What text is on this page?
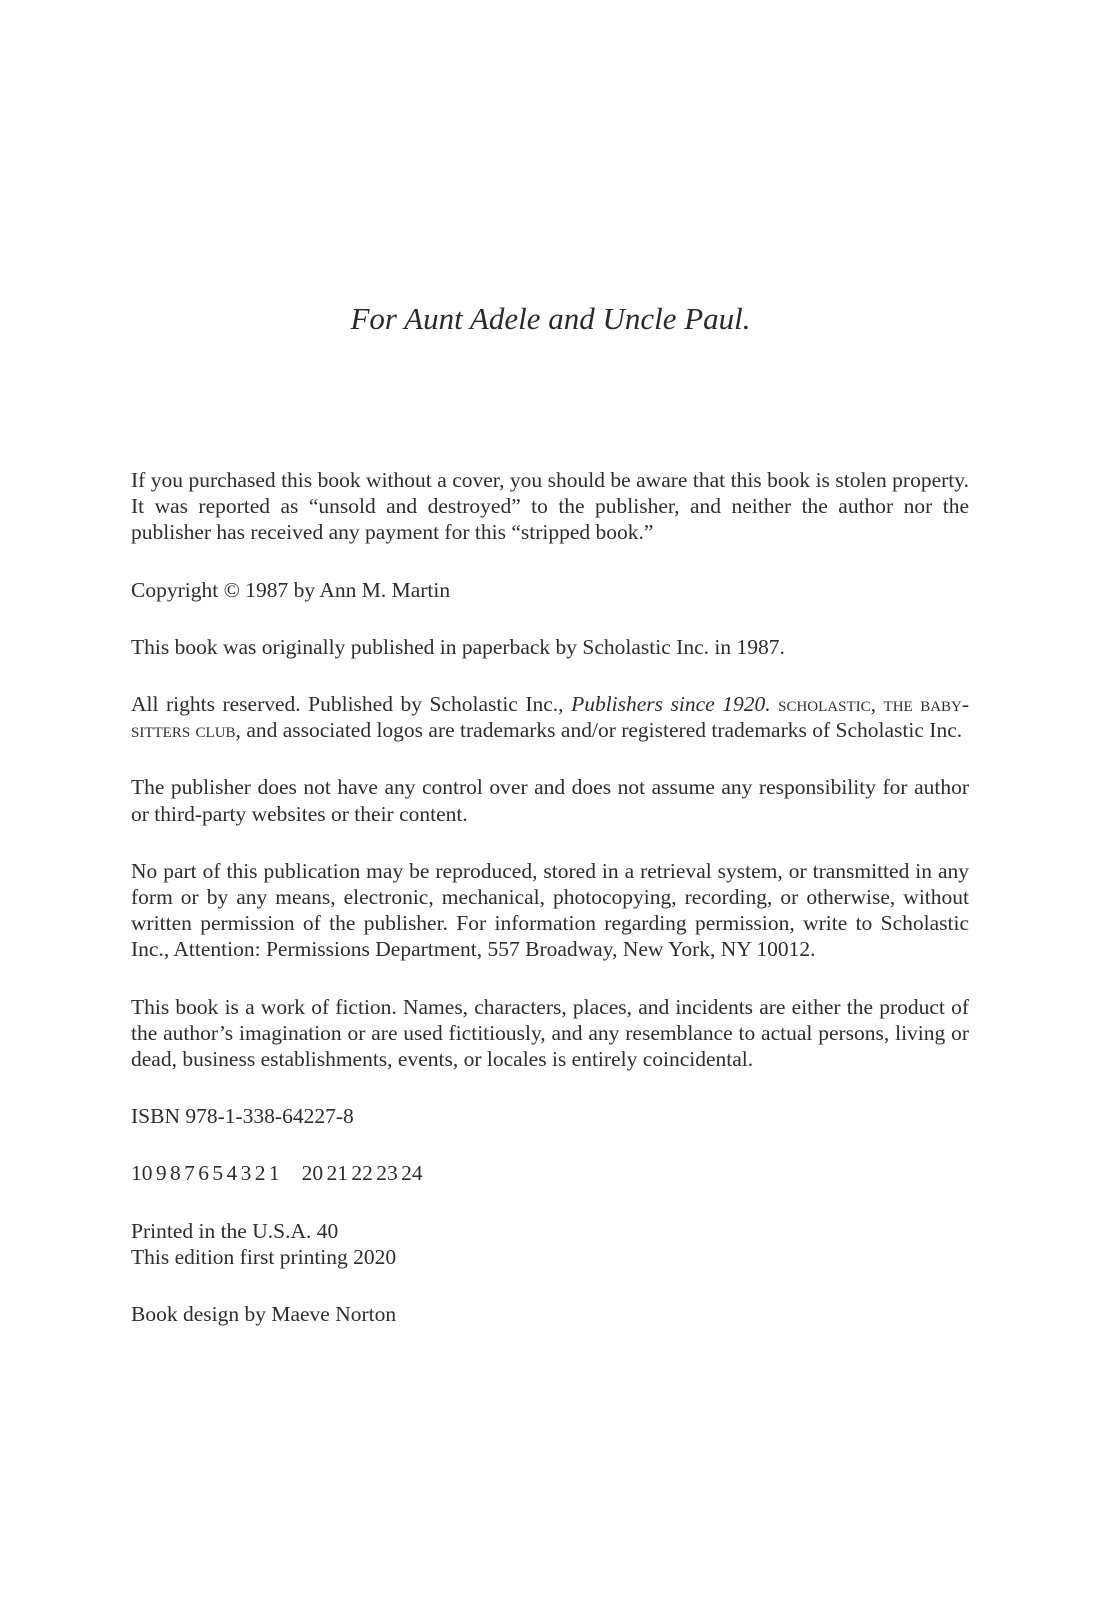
For Aunt Adele and Uncle Paul.

If you purchased this book without a cover, you should be aware that this book is stolen property. It was reported as “unsold and destroyed” to the publisher, and neither the author nor the publisher has received any payment for this “stripped book.”

Copyright © 1987 by Ann M. Martin

This book was originally published in paperback by Scholastic Inc. in 1987.

All rights reserved. Published by Scholastic Inc., Publishers since 1920. scholastic, the baby-sitters club, and associated logos are trademarks and/or registered trademarks of Scholastic Inc.

The publisher does not have any control over and does not assume any responsibility for author or third-party websites or their content.

No part of this publication may be reproduced, stored in a retrieval system, or transmitted in any form or by any means, electronic, mechanical, photocopying, recording, or otherwise, without written permission of the publisher. For information regarding permission, write to Scholastic Inc., Attention: Permissions Department, 557 Broadway, New York, NY 10012.

This book is a work of fiction. Names, characters, places, and incidents are either the product of the author’s imagination or are used fictitiously, and any resemblance to actual persons, living or dead, business establishments, events, or locales is entirely coincidental.

ISBN 978-1-338-64227-8

10 9 8 7 6 5 4 3 2 1 20 21 22 23 24

Printed in the U.S.A. 40

This edition first printing 2020

Book design by Maeve Norton
